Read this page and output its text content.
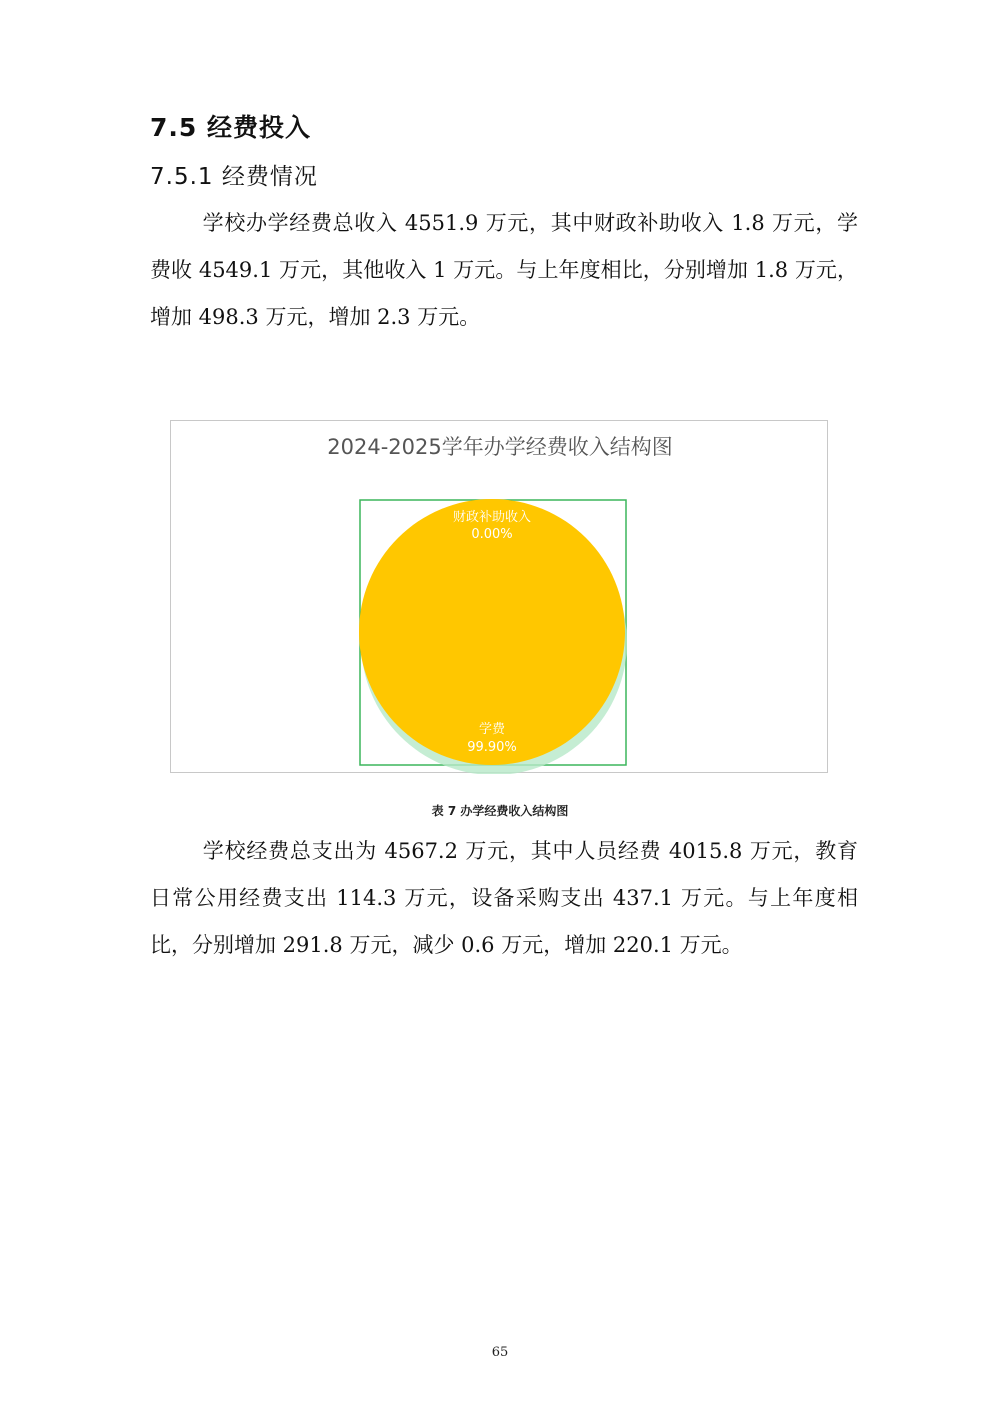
7.5 经费投入
7.5.1 经费情况

学校办学经费总收入 4551.9 万元，其中财政补助收入 1.8 万元，学费收 4549.1 万元，其他收入 1 万元。与上年度相比，分别增加 1.8 万元，增加 498.3 万元，增加 2.3 万元。

2024-2025学年办学经费收入结构图
财政补助收入
0.00%
学费
99.90%
表 7 办学经费收入结构图

学校经费总支出为 4567.2 万元，其中人员经费 4015.8 万元，教育日常公用经费支出 114.3 万元，设备采购支出 437.1 万元。与上年度相比，分别增加 291.8 万元，减少 0.6 万元，增加 220.1 万元。

65
